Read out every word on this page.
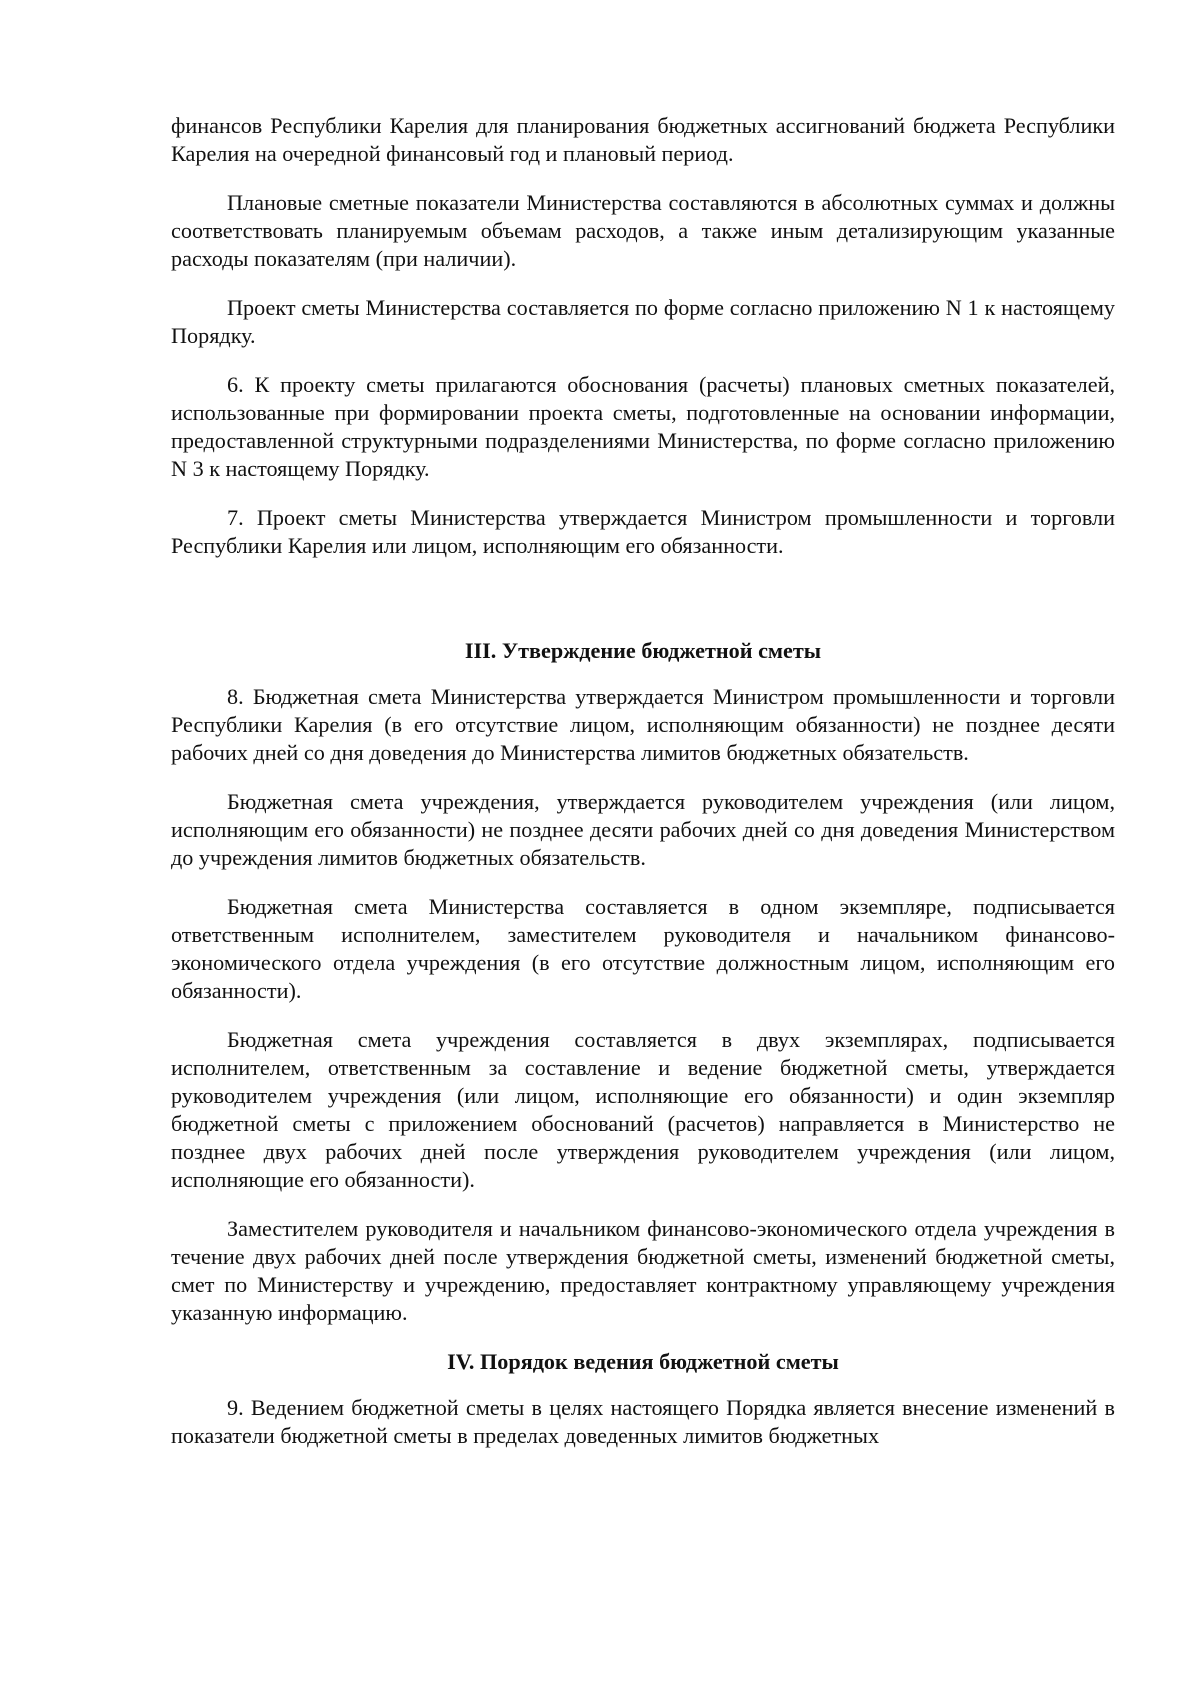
финансов Республики Карелия для планирования бюджетных ассигнований бюджета Республики Карелия на очередной финансовый год и плановый период.

Плановые сметные показатели Министерства составляются в абсолютных суммах и должны соответствовать планируемым объемам расходов, а также иным детализирующим указанные расходы показателям (при наличии).

Проект сметы Министерства составляется по форме согласно приложению N 1 к настоящему Порядку.

6. К проекту сметы прилагаются обоснования (расчеты) плановых сметных показателей, использованные при формировании проекта сметы, подготовленные на основании информации, предоставленной структурными подразделениями Министерства, по форме согласно приложению N 3 к настоящему Порядку.

7. Проект сметы Министерства утверждается Министром промышленности и торговли Республики Карелия или лицом, исполняющим его обязанности.

III. Утверждение бюджетной сметы

8. Бюджетная смета Министерства утверждается Министром промышленности и торговли Республики Карелия (в его отсутствие лицом, исполняющим обязанности) не позднее десяти рабочих дней со дня доведения до Министерства лимитов бюджетных обязательств.

Бюджетная смета учреждения, утверждается руководителем учреждения (или лицом, исполняющим его обязанности) не позднее десяти рабочих дней со дня доведения Министерством до учреждения лимитов бюджетных обязательств.

Бюджетная смета Министерства составляется в одном экземпляре, подписывается ответственным исполнителем, заместителем руководителя и начальником финансово-экономического отдела учреждения (в его отсутствие должностным лицом, исполняющим его обязанности).

Бюджетная смета учреждения составляется в двух экземплярах, подписывается исполнителем, ответственным за составление и ведение бюджетной сметы, утверждается руководителем учреждения (или лицом, исполняющие его обязанности) и один экземпляр бюджетной сметы с приложением обоснований (расчетов) направляется в Министерство не позднее двух рабочих дней после утверждения руководителем учреждения (или лицом, исполняющие его обязанности).

Заместителем руководителя и начальником финансово-экономического отдела учреждения в течение двух рабочих дней после утверждения бюджетной сметы, изменений бюджетной сметы, смет по Министерству и учреждению, предоставляет контрактному управляющему учреждения указанную информацию.

IV. Порядок ведения бюджетной сметы

9. Ведением бюджетной сметы в целях настоящего Порядка является внесение изменений в показатели бюджетной сметы в пределах доведенных лимитов бюджетных
